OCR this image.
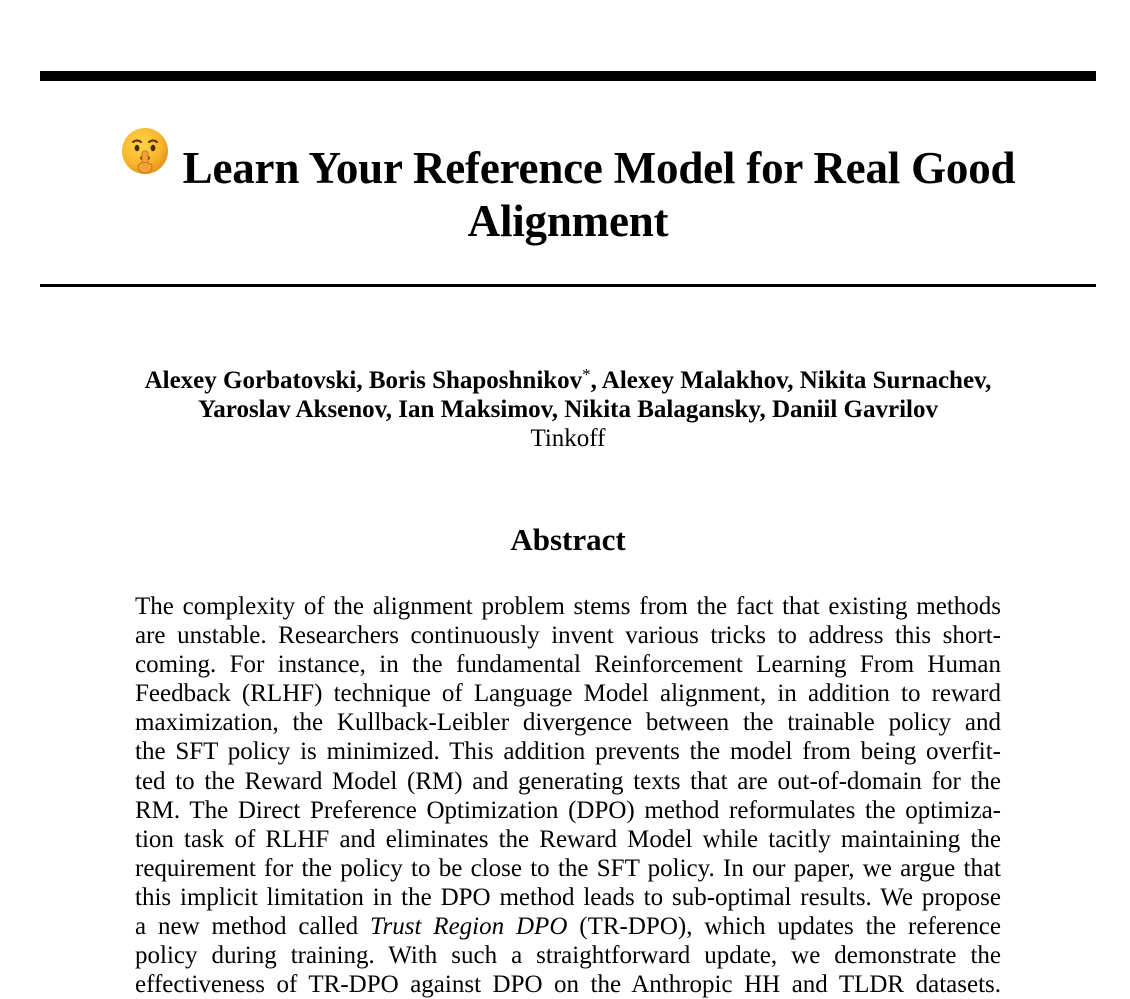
Learn Your Reference Model for Real Good
Alignment
Alexey Gorbatovski, Boris Shaposhnikov*, Alexey Malakhov, Nikita Surnachev,
Yaroslav Aksenov, Ian Maksimov, Nikita Balagansky, Daniil Gavrilov
Tinkoff
Abstract
The complexity of the alignment problem stems from the fact that existing methods
are unstable. Researchers continuously invent various tricks to address this short-
coming. For instance, in the fundamental Reinforcement Learning From Human
Feedback (RLHF) technique of Language Model alignment, in addition to reward
maximization, the Kullback-Leibler divergence between the trainable policy and
the SFT policy is minimized. This addition prevents the model from being overfit-
ted to the Reward Model (RM) and generating texts that are out-of-domain for the
RM. The Direct Preference Optimization (DPO) method reformulates the optimiza-
tion task of RLHF and eliminates the Reward Model while tacitly maintaining the
requirement for the policy to be close to the SFT policy. In our paper, we argue that
this implicit limitation in the DPO method leads to sub-optimal results. We propose
a new method called Trust Region DPO (TR-DPO), which updates the reference
policy during training. With such a straightforward update, we demonstrate the
effectiveness of TR-DPO against DPO on the Anthropic HH and TLDR datasets.
